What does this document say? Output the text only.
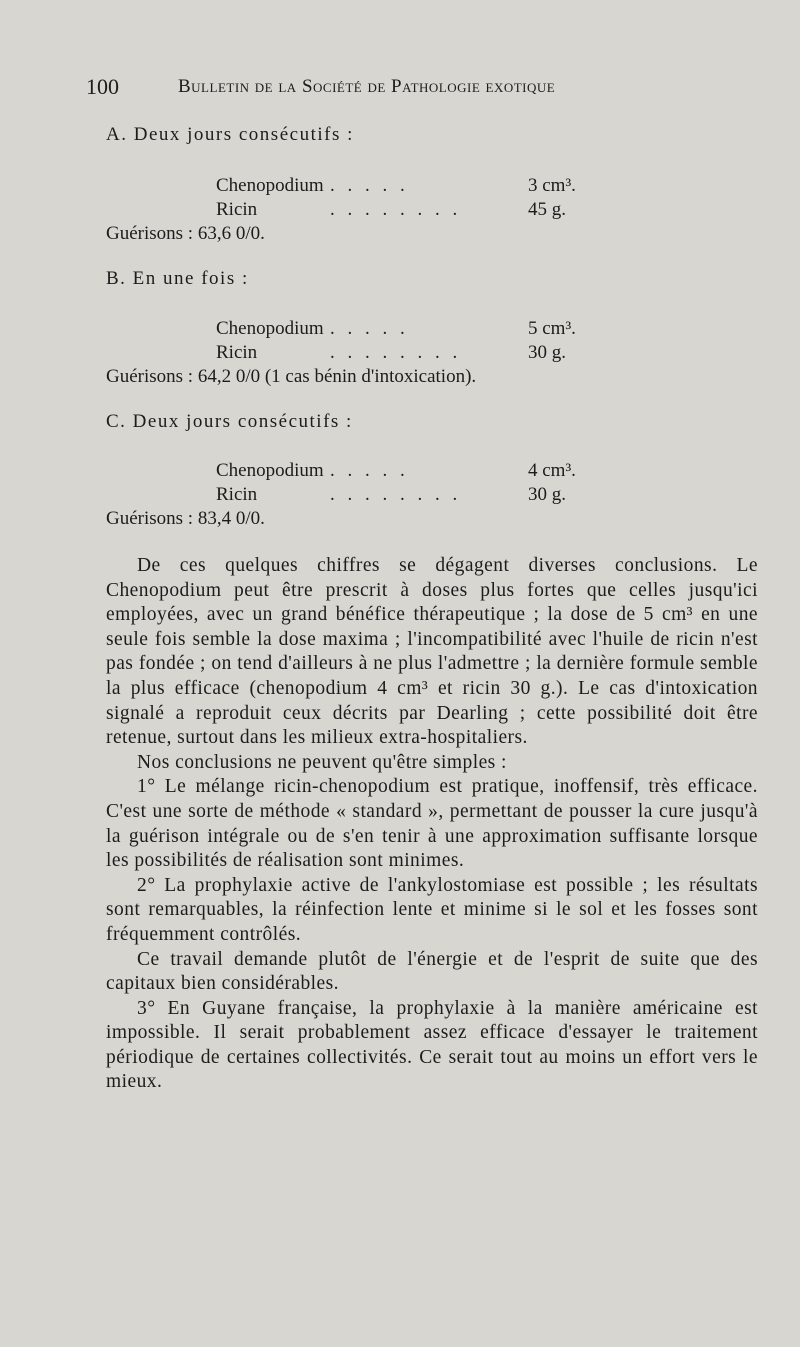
100	Bulletin de la Société de Pathologie exotique
A. Deux jours consécutifs :
Chenopodium . . . . .	3 cm³.
Ricin	. . . . . . . .	45 g.
Guérisons : 63,6 0/0.
B. En une fois :
Chenopodium . . . . .	5 cm³.
Ricin	. . . . . . . .	30 g.
Guérisons : 64,2 0/0 (1 cas bénin d'intoxication).
C. Deux jours consécutifs :
Chenopodium . . . . .	4 cm³.
Ricin	. . . . . . . .	30 g.
Guérisons : 83,4 0/0.

De ces quelques chiffres se dégagent diverses conclusions. Le Chenopodium peut être prescrit à doses plus fortes que celles jusqu'ici employées, avec un grand bénéfice thérapeutique ; la dose de 5 cm³ en une seule fois semble la dose maxima ; l'incompatibilité avec l'huile de ricin n'est pas fondée ; on tend d'ailleurs à ne plus l'admettre ; la dernière formule semble la plus efficace (chenopodium 4 cm³ et ricin 30 g.). Le cas d'intoxication signalé a reproduit ceux décrits par Dearling ; cette possibilité doit être retenue, surtout dans les milieux extra-hospitaliers.

Nos conclusions ne peuvent qu'être simples :

1° Le mélange ricin-chenopodium est pratique, inoffensif, très efficace. C'est une sorte de méthode « standard », permettant de pousser la cure jusqu'à la guérison intégrale ou de s'en tenir à une approximation suffisante lorsque les possibilités de réalisation sont minimes.

2° La prophylaxie active de l'ankylostomiase est possible ; les résultats sont remarquables, la réinfection lente et minime si le sol et les fosses sont fréquemment contrôlés.

Ce travail demande plutôt de l'énergie et de l'esprit de suite que des capitaux bien considérables.

3° En Guyane française, la prophylaxie à la manière américaine est impossible. Il serait probablement assez efficace d'essayer le traitement périodique de certaines collectivités. Ce serait tout au moins un effort vers le mieux.
